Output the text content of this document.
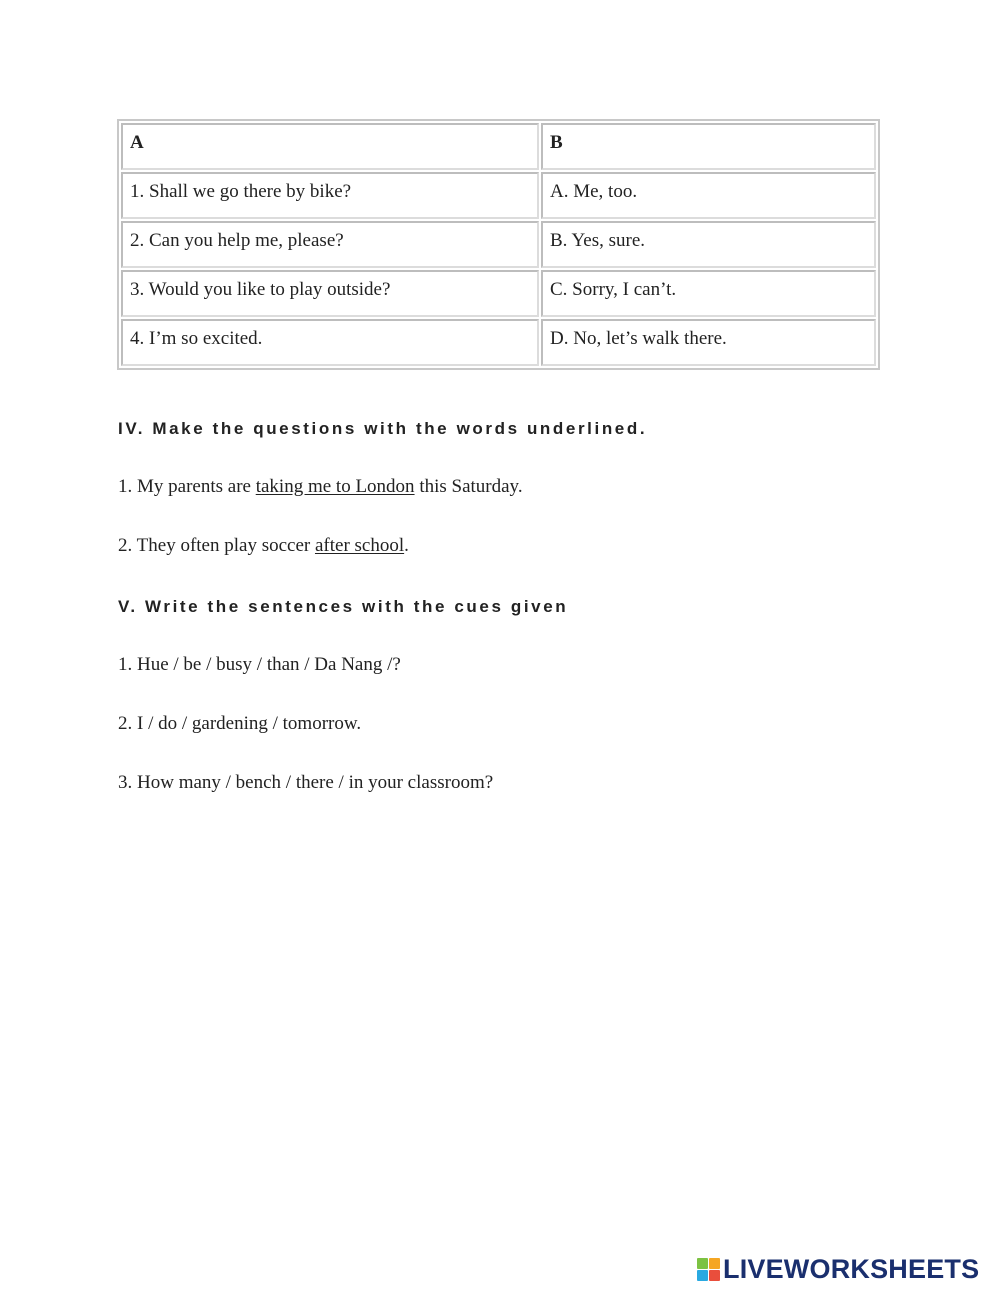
A	B
1. Shall we go there by bike?	A. Me, too.
2. Can you help me, please?	B. Yes, sure.
3. Would you like to play outside?	C. Sorry, I can’t.
4. I’m so excited.	D. No, let’s walk there.
IV. Make the questions with the words underlined.

1. My parents are taking me to London this Saturday.

2. They often play soccer after school.

V. Write the sentences with the cues given

1. Hue / be / busy / than / Da Nang /?

2. I / do / gardening / tomorrow.

3. How many / bench / there / in your classroom?

LIVEWORKSHEETS
